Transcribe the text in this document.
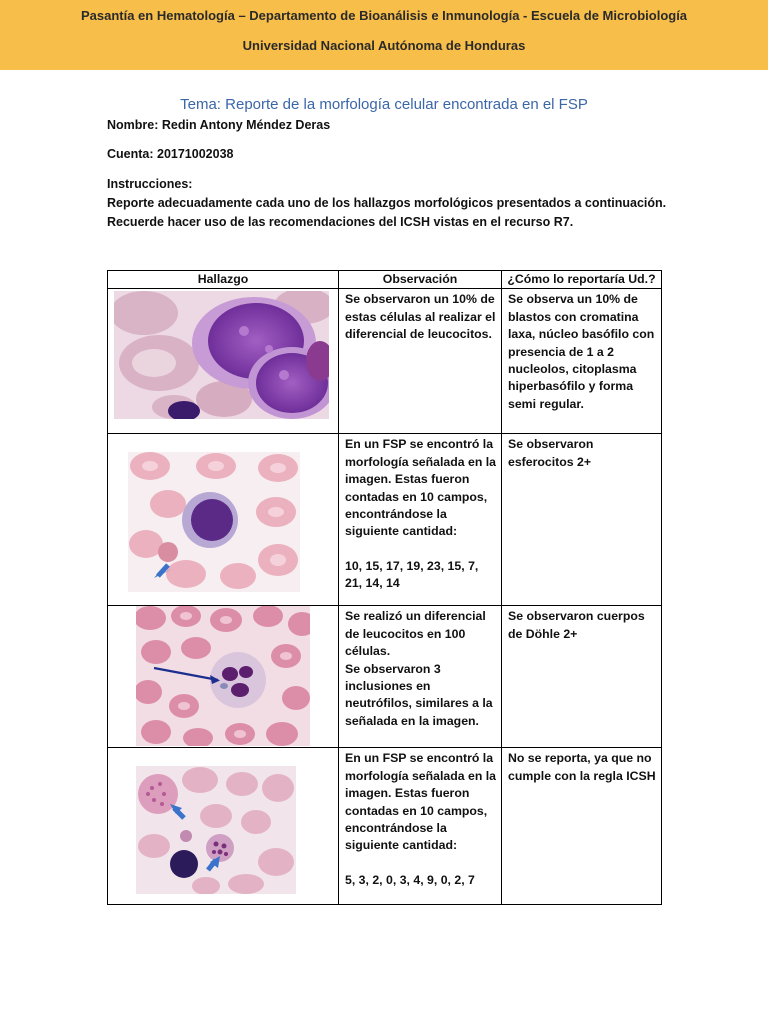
Pasantía en Hematología – Departamento de Bioanálisis e Inmunología - Escuela de Microbiología
Universidad Nacional Autónoma de Honduras
Tema: Reporte de la morfología celular encontrada en el FSP
Nombre: Redin Antony Méndez Deras
Cuenta: 20171002038
Instrucciones:
Reporte adecuadamente cada uno de los hallazgos morfológicos presentados a continuación.
Recuerde hacer uso de las recomendaciones del ICSH vistas en el recurso R7.
Hallazgo	Observación	¿Cómo lo reportaría Ud.?

Se observaron un 10% de estas células al realizar el diferencial de leucocitos.	Se observa un 10% de blastos con cromatina laxa, núcleo basófilo con presencia de 1 a 2 nucleolos, citoplasma hiperbasófilo y forma semi regular.

En un FSP se encontró la morfología señalada en la imagen. Estas fueron contadas en 10 campos, encontrándose la siguiente cantidad:
10, 15, 17, 19, 23, 15, 7, 21, 14, 14	Se observaron esferocitos 2+

Se realizó un diferencial de leucocitos en 100 células.
Se observaron 3 inclusiones en neutrófilos, similares a la señalada en la imagen.	Se observaron cuerpos de Döhle 2+

En un FSP se encontró la morfología señalada en la imagen. Estas fueron contadas en 10 campos, encontrándose la siguiente cantidad:
5, 3, 2, 0, 3, 4, 9, 0, 2, 7	No se reporta, ya que no cumple con la regla ICSH
